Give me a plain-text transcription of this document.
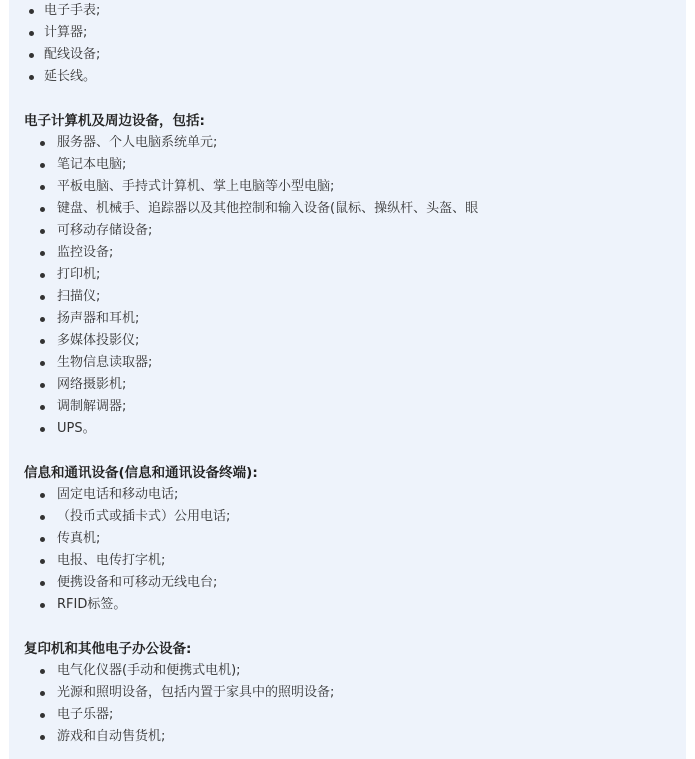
电子手表;
计算器;
配线设备;
延长线。
电子计算机及周边设备，包括:
服务器、个人电脑系统单元;
笔记本电脑;
平板电脑、手持式计算机、掌上电脑等小型电脑;
键盘、机械手、追踪器以及其他控制和输入设备(鼠标、操纵杆、头盔、眼
可移动存储设备;
监控设备;
打印机;
扫描仪;
扬声器和耳机;
多媒体投影仪;
生物信息读取器;
网络摄影机;
调制解调器;
UPS。
信息和通讯设备(信息和通讯设备终端):
固定电话和移动电话;
（投币式或插卡式）公用电话;
传真机;
电报、电传打字机;
便携设备和可移动无线电台;
RFID标签。
复印机和其他电子办公设备:
电气化仪器(手动和便携式电机);
光源和照明设备，包括内置于家具中的照明设备;
电子乐器;
游戏和自动售货机;
